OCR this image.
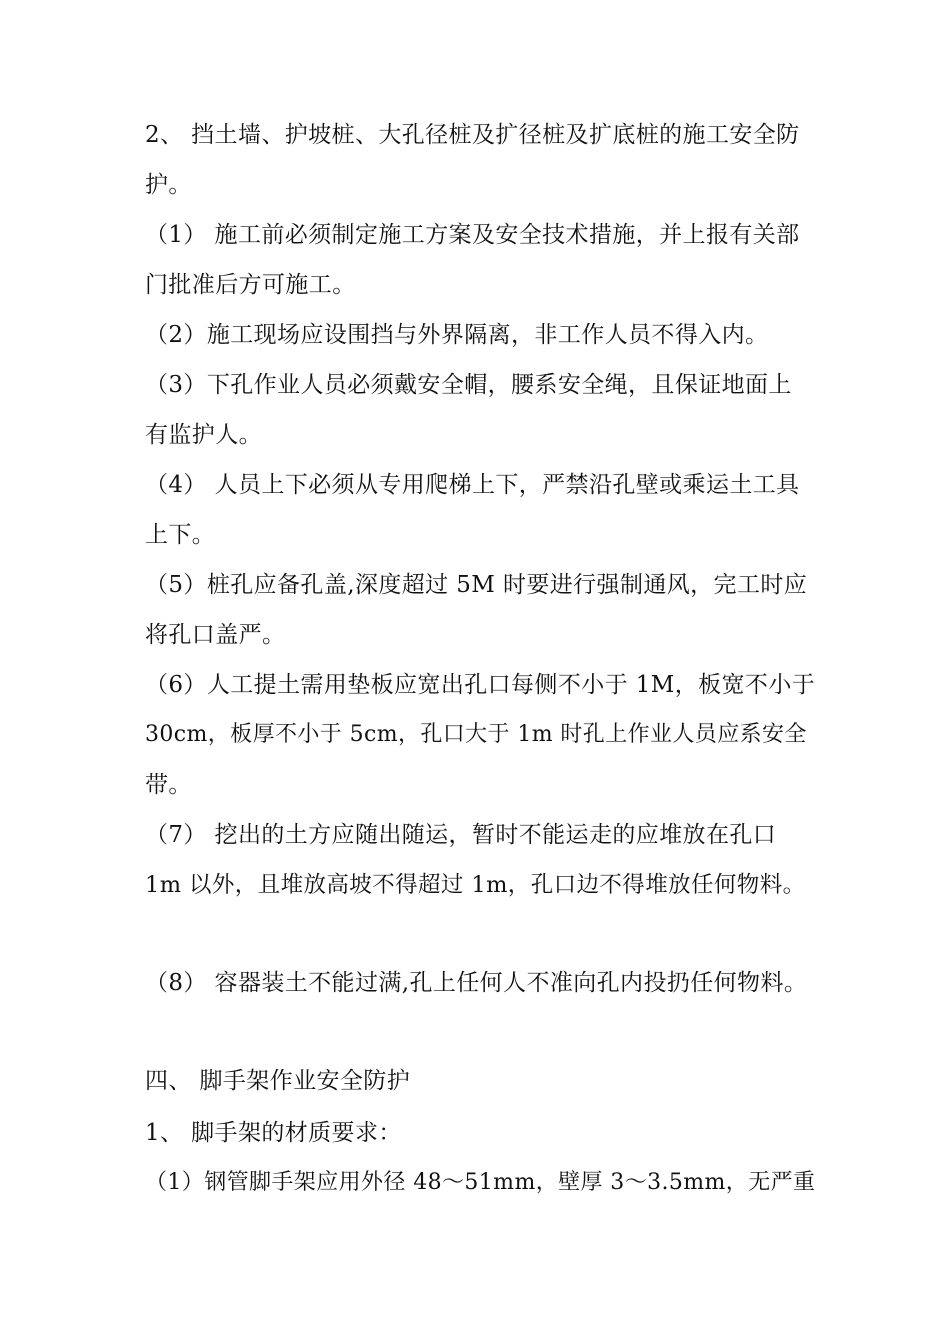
2、 挡土墙、护坡桩、大孔径桩及扩径桩及扩底桩的施工安全防
护。
（1） 施工前必须制定施工方案及安全技术措施，并上报有关部
门批准后方可施工。
（2）施工现场应设围挡与外界隔离，非工作人员不得入内。
（3）下孔作业人员必须戴安全帽，腰系安全绳，且保证地面上
有监护人。
（4） 人员上下必须从专用爬梯上下，严禁沿孔壁或乘运土工具
上下。
（5）桩孔应备孔盖,深度超过 5M 时要进行强制通风，完工时应
将孔口盖严。
（6）人工提土需用垫板应宽出孔口每侧不小于 1M，板宽不小于
30cm，板厚不小于 5cm，孔口大于 1m 时孔上作业人员应系安全
带。
（7） 挖出的土方应随出随运，暂时不能运走的应堆放在孔口
1m 以外，且堆放高坡不得超过 1m，孔口边不得堆放任何物料。
（8） 容器装土不能过满,孔上任何人不准向孔内投扔任何物料。
四、 脚手架作业安全防护
1、 脚手架的材质要求：
（1）钢管脚手架应用外径 48～51mm，壁厚 3～3.5mm，无严重
